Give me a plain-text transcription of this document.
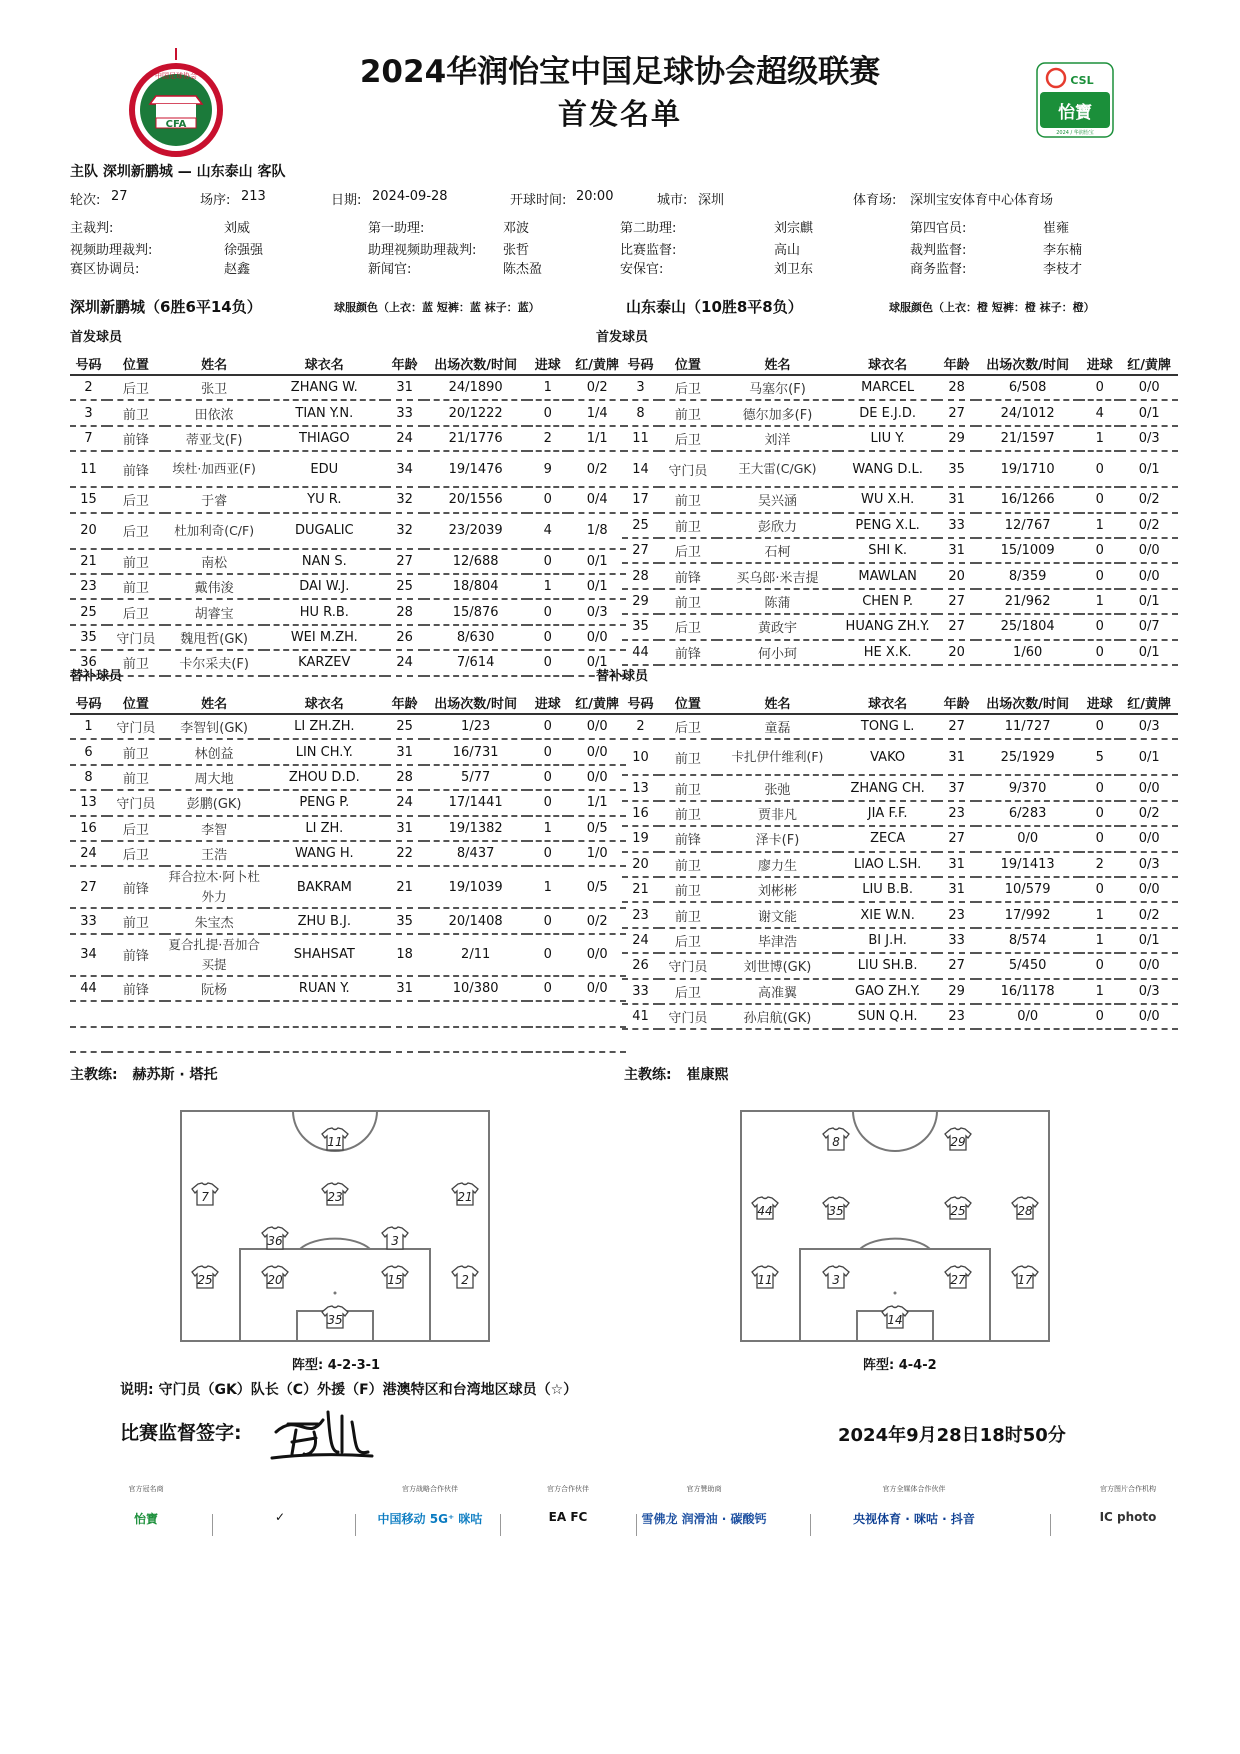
CFA
中国足球协会	2024华润怡宝中国足球协会超级联赛
首发名单
CSL
怡寶
2024 / 华润怡宝
主队 深圳新鹏城 — 山东泰山 客队
轮次: 27	场序: 213	日期: 2024-09-28	开球时间: 20:00	城市: 深圳	体育场: 深圳宝安体育中心体育场
主裁判:	刘威	第一助理:	邓波	第二助理:	刘宗麒	第四官员:	崔雍
视频助理裁判:	徐强强	助理视频助理裁判: 张哲	比赛监督:	高山	裁判监督:	李东楠
赛区协调员:	赵鑫	新闻官:	陈杰盈	安保官:	刘卫东	商务监督:	李枝才
深圳新鹏城（6胜6平14负）	球服颜色（上衣：蓝 短裤：蓝 袜子：蓝）	山东泰山（10胜8平8负）	球服颜色（上衣：橙 短裤：橙 袜子：橙）
首发球员	首发球员
号码	位置	姓名	球衣名	年龄	出场次数/时间	进球	红/黄牌
2	后卫	张卫	ZHANG W.	31	24/1890	1	0/2
3	前卫	田依浓	TIAN Y.N.	33	20/1222	0	1/4
7	前锋	蒂亚戈(F)	THIAGO	24	21/1776	2	1/1
11	前锋	埃杜·加西亚(F)	EDU	34	19/1476	9	0/2
15	后卫	于睿	YU R.	32	20/1556	0	0/4
20	后卫	杜加利奇(C/F)	DUGALIC	32	23/2039	4	1/8
21	前卫	南松	NAN S.	27	12/688	0	0/1
23	前卫	戴伟浚	DAI W.J.	25	18/804	1	0/1
25	后卫	胡睿宝	HU R.B.	28	15/876	0	0/3
35	守门员	魏甩哲(GK)	WEI M.ZH.	26	8/630	0	0/0
36	前卫	卡尔采夫(F)	KARZEV	24	7/614	0	0/1
号码	位置	姓名	球衣名	年龄	出场次数/时间	进球	红/黄牌
3	后卫	马塞尔(F)	MARCEL	28	6/508	0	0/0
8	前卫	德尔加多(F)	DE E.J.D.	27	24/1012	4	0/1
11	后卫	刘洋	LIU Y.	29	21/1597	1	0/3
14	守门员	王大雷(C/GK)	WANG D.L.	35	19/1710	0	0/1
17	前卫	吴兴涵	WU X.H.	31	16/1266	0	0/2
25	前卫	彭欣力	PENG X.L.	33	12/767	1	0/2
27	后卫	石柯	SHI K.	31	15/1009	0	0/0
28	前锋	买乌郎·米吉提	MAWLAN	20	8/359	0	0/0
29	前卫	陈蒲	CHEN P.	27	21/962	1	0/1
35	后卫	黄政宇	HUANG ZH.Y.	27	25/1804	0	0/7
44	前锋	何小珂	HE X.K.	20	1/60	0	0/1
替补球员	替补球员
号码	位置	姓名	球衣名	年龄	出场次数/时间	进球	红/黄牌
1	守门员	李智钊(GK)	LI ZH.ZH.	25	1/23	0	0/0
6	前卫	林创益	LIN CH.Y.	31	16/731	0	0/0
8	前卫	周大地	ZHOU D.D.	28	5/77	0	0/0
13	守门员	彭鹏(GK)	PENG P.	24	17/1441	0	1/1
16	后卫	李智	LI ZH.	31	19/1382	1	0/5
24	后卫	王浩	WANG H.	22	8/437	0	1/0
27	前锋	拜合拉木·阿卜杜外力	BAKRAM	21	19/1039	1	0/5
33	前卫	朱宝杰	ZHU B.J.	35	20/1408	0	0/2
34	前锋	夏合扎提·吾加合买提	SHAHSAT	18	2/11	0	0/0
44	前锋	阮杨	RUAN Y.	31	10/380	0	0/0

号码	位置	姓名	球衣名	年龄	出场次数/时间	进球	红/黄牌
2	后卫	童磊	TONG L.	27	11/727	0	0/3
10	前卫	卡扎伊什维利(F)	VAKO	31	25/1929	5	0/1
13	前卫	张弛	ZHANG CH.	37	9/370	0	0/0
16	前卫	贾非凡	JIA F.F.	23	6/283	0	0/2
19	前锋	泽卡(F)	ZECA	27	0/0	0	0/0
20	前卫	廖力生	LIAO L.SH.	31	19/1413	2	0/3
21	前卫	刘彬彬	LIU B.B.	31	10/579	0	0/0
23	前卫	谢文能	XIE W.N.	23	17/992	1	0/2
24	后卫	毕津浩	BI J.H.	33	8/574	1	0/1
26	守门员	刘世博(GK)	LIU SH.B.	27	5/450	0	0/0
33	后卫	高准翼	GAO ZH.Y.	29	16/1178	1	0/3
41	守门员	孙启航(GK)	SUN Q.H.	23	0/0	0	0/0
主教练: 赫苏斯 · 塔托	主教练: 崔康熙
11
7	23	21
36	3
25	20	15	2
35
8	29
44	35	25	28
11	3	27	17
14
阵型: 4-2-3-1	阵型: 4-4-2
说明: 守门员（GK）队长（C）外援（F）港澳特区和台湾地区球员（☆）
比赛监督签字:	2024年9月28日18时50分
官方冠名商
怡寶	✓
官方战略合作伙伴
中国移动 5G⁺ 咪咕
官方合作伙伴
EA FC
官方赞助商
雪佛龙 润滑油 · 碳酸钙
官方全媒体合作伙伴
央视体育 · 咪咕 · 抖音
官方图片合作机构
IC photo
